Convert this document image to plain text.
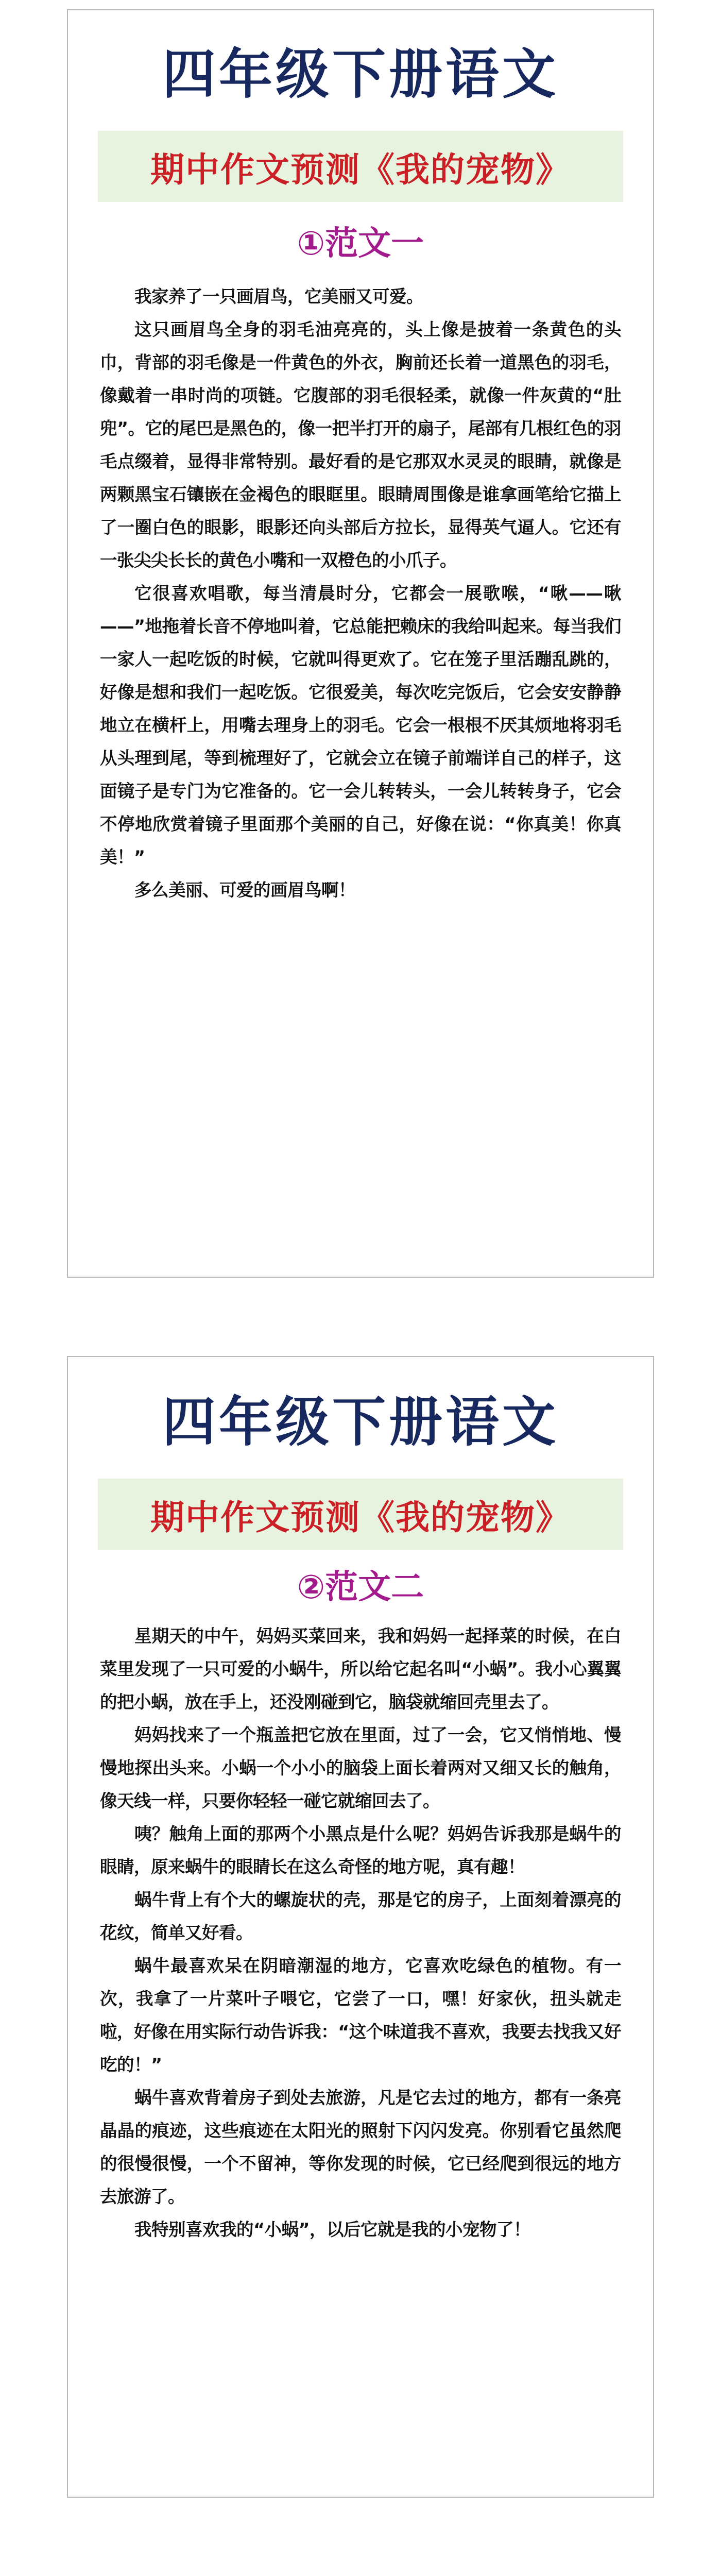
四年级下册语文
期中作文预测《我的宠物》
①范文一

我家养了一只画眉鸟，它美丽又可爱。

这只画眉鸟全身的羽毛油亮亮的，头上像是披着一条黄色的头巾，背部的羽毛像是一件黄色的外衣，胸前还长着一道黑色的羽毛，像戴着一串时尚的项链。它腹部的羽毛很轻柔，就像一件灰黄的“肚兜”。它的尾巴是黑色的，像一把半打开的扇子，尾部有几根红色的羽毛点缀着，显得非常特别。最好看的是它那双水灵灵的眼睛，就像是两颗黑宝石镶嵌在金褐色的眼眶里。眼睛周围像是谁拿画笔给它描上了一圈白色的眼影，眼影还向头部后方拉长，显得英气逼人。它还有一张尖尖长长的黄色小嘴和一双橙色的小爪子。

它很喜欢唱歌，每当清晨时分，它都会一展歌喉，“啾——啾——”地拖着长音不停地叫着，它总能把赖床的我给叫起来。每当我们一家人一起吃饭的时候，它就叫得更欢了。它在笼子里活蹦乱跳的，好像是想和我们一起吃饭。它很爱美，每次吃完饭后，它会安安静静地立在横杆上，用嘴去理身上的羽毛。它会一根根不厌其烦地将羽毛从头理到尾，等到梳理好了，它就会立在镜子前端详自己的样子，这面镜子是专门为它准备的。它一会儿转转头，一会儿转转身子，它会不停地欣赏着镜子里面那个美丽的自己，好像在说：“你真美！你真美！”

多么美丽、可爱的画眉鸟啊！

四年级下册语文
期中作文预测《我的宠物》
②范文二

星期天的中午，妈妈买菜回来，我和妈妈一起择菜的时候，在白菜里发现了一只可爱的小蜗牛，所以给它起名叫“小蜗”。我小心翼翼的把小蜗，放在手上，还没刚碰到它，脑袋就缩回壳里去了。

妈妈找来了一个瓶盖把它放在里面，过了一会，它又悄悄地、慢慢地探出头来。小蜗一个小小的脑袋上面长着两对又细又长的触角，像天线一样，只要你轻轻一碰它就缩回去了。

咦？触角上面的那两个小黑点是什么呢？妈妈告诉我那是蜗牛的眼睛，原来蜗牛的眼睛长在这么奇怪的地方呢，真有趣！

蜗牛背上有个大的螺旋状的壳，那是它的房子，上面刻着漂亮的花纹，简单又好看。

蜗牛最喜欢呆在阴暗潮湿的地方，它喜欢吃绿色的植物。有一次，我拿了一片菜叶子喂它，它尝了一口，嘿！好家伙，扭头就走啦，好像在用实际行动告诉我：“这个味道我不喜欢，我要去找我又好吃的！”

蜗牛喜欢背着房子到处去旅游，凡是它去过的地方，都有一条亮晶晶的痕迹，这些痕迹在太阳光的照射下闪闪发亮。你别看它虽然爬的很慢很慢，一个不留神，等你发现的时候，它已经爬到很远的地方去旅游了。

我特别喜欢我的“小蜗”，以后它就是我的小宠物了！
